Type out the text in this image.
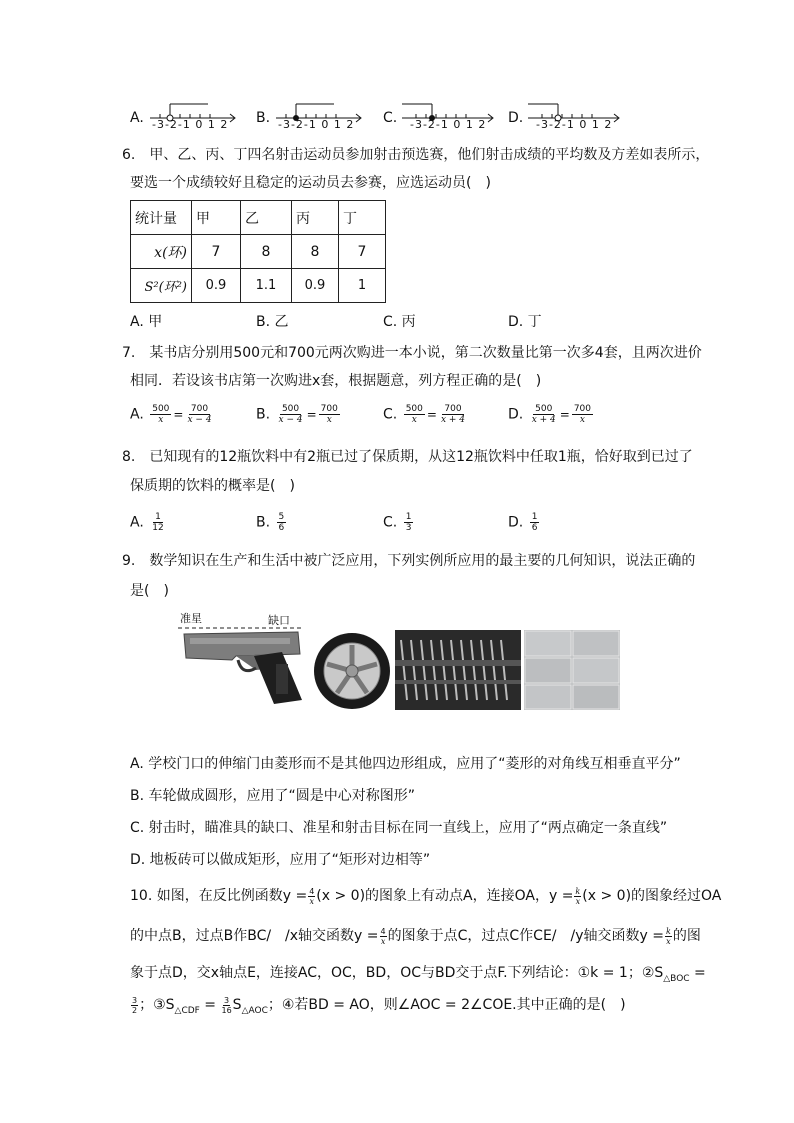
A. -3-2-1 0 1 2 B. -3-2-1 0 1 2 C. -3-2-1 0 1 2 D. -3-2-1 0 1 2
6.　甲、乙、丙、丁四名射击运动员参加射击预选赛，他们射击成绩的平均数及方差如表所示，
要选一个成绩较好且稳定的运动员去参赛，应选运动员(　)
统计量	甲	乙	丙	丁
x(环)	7	8	8	7
S²(环²)	0.9	1.1	0.9	1
A. 甲	B. 乙	C. 丙	D. 丁
7.　某书店分别用500元和700元两次购进一本小说，第二次数量比第一次多4套，且两次进价
相同．若设该书店第一次购进x套，根据题意，列方程正确的是(　)
A. $\frac{500}{x} = \frac{700}{x - 4}$	B. $\frac{500}{x - 4} = \frac{700}{x}$	C. $\frac{500}{x} = \frac{700}{x + 4}$	D. $\frac{500}{x + 4} = \frac{700}{x}$
8.　已知现有的12瓶饮料中有2瓶已过了保质期，从这12瓶饮料中任取1瓶，恰好取到已过了
保质期的饮料的概率是(　)
A. $\frac{1}{12}$	B. $\frac{5}{6}$	C. $\frac{1}{3}$	D. $\frac{1}{6}$
9.　数学知识在生产和生活中被广泛应用，下列实例所应用的最主要的几何知识，说法正确的
是(　)
准星	缺口
A. 学校门口的伸缩门由菱形而不是其他四边形组成，应用了“菱形的对角线互相垂直平分”
B. 车轮做成圆形，应用了“圆是中心对称图形”
C. 射击时，瞄准具的缺口、准星和射击目标在同一直线上，应用了“两点确定一条直线”
D. 地板砖可以做成矩形，应用了“矩形对边相等”
10. 如图，在反比例函数$y = \frac{4}{x} (x > 0)$的图象上有动点A，连接OA，$y = \frac{k}{x} (x > 0)$的图象经过OA
的中点B，过点B作BC/　/x轴交函数$y = \frac{4}{x}$ 的图象于点C，过点C作CE/　/y轴交函数$y = \frac{k}{x}$ 的图
象于点D，交x轴点E，连接AC，OC，BD，OC与BD交于点F.下列结论：①k = 1；$②S_{\triangle BOC}$ =
$\frac{3}{2}$ ；$③S_{\triangle CDF} = \frac{3}{16} S_{\triangle AOC}$；④若BD = AO，则∠AOC = 2∠COE.其中正确的是(　)
